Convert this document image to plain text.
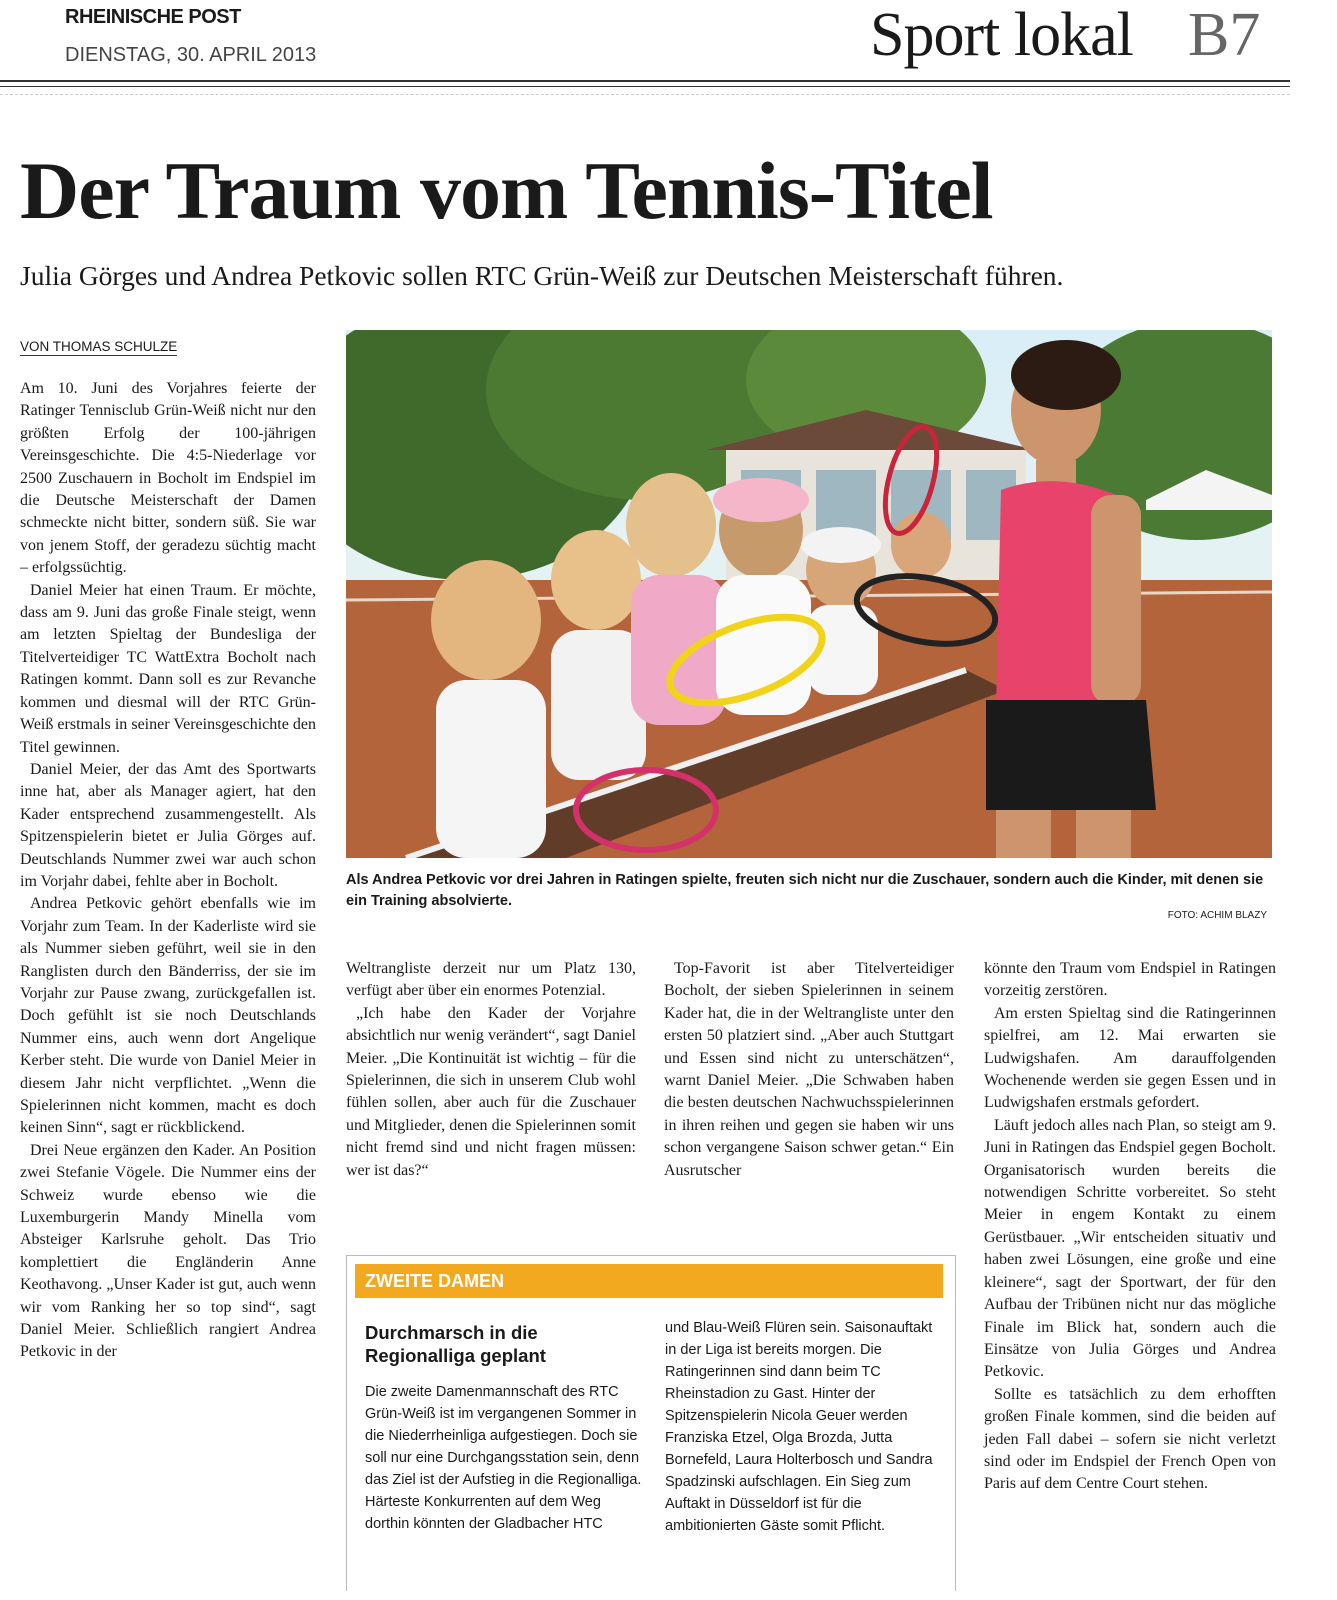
RHEINISCHE POST
DIENSTAG, 30. APRIL 2013	Sport lokal B7
Der Traum vom Tennis-Titel
Julia Görges und Andrea Petkovic sollen RTC Grün-Weiß zur Deutschen Meisterschaft führen.
VON THOMAS SCHULZE

Am 10. Juni des Vorjahres feierte der Ratinger Tennisclub Grün-Weiß nicht nur den größten Erfolg der 100-jährigen Vereinsgeschichte. Die 4:5-Niederlage vor 2500 Zuschauern in Bocholt im Endspiel im die Deutsche Meisterschaft der Damen schmeckte nicht bitter, sondern süß. Sie war von jenem Stoff, der geradezu süchtig macht – erfolgssüchtig.

Daniel Meier hat einen Traum. Er möchte, dass am 9. Juni das große Finale steigt, wenn am letzten Spieltag der Bundesliga der Titelverteidiger TC WattExtra Bocholt nach Ratingen kommt. Dann soll es zur Revanche kommen und diesmal will der RTC Grün-Weiß erstmals in seiner Vereinsgeschichte den Titel gewinnen.

Daniel Meier, der das Amt des Sportwarts inne hat, aber als Manager agiert, hat den Kader entsprechend zusammengestellt. Als Spitzenspielerin bietet er Julia Görges auf. Deutschlands Nummer zwei war auch schon im Vorjahr dabei, fehlte aber in Bocholt.

Andrea Petkovic gehört ebenfalls wie im Vorjahr zum Team. In der Kaderliste wird sie als Nummer sieben geführt, weil sie in den Ranglisten durch den Bänderriss, der sie im Vorjahr zur Pause zwang, zurückgefallen ist. Doch gefühlt ist sie noch Deutschlands Nummer eins, auch wenn dort Angelique Kerber steht. Die wurde von Daniel Meier in diesem Jahr nicht verpflichtet. „Wenn die Spielerinnen nicht kommen, macht es doch keinen Sinn“, sagt er rückblickend.

Drei Neue ergänzen den Kader. An Position zwei Stefanie Vögele. Die Nummer eins der Schweiz wurde ebenso wie die Luxemburgerin Mandy Minella vom Absteiger Karlsruhe geholt. Das Trio komplettiert die Engländerin Anne Keothavong. „Unser Kader ist gut, auch wenn wir vom Ranking her so top sind“, sagt Daniel Meier. Schließlich rangiert Andrea Petkovic in der

Als Andrea Petkovic vor drei Jahren in Ratingen spielte, freuten sich nicht nur die Zuschauer, sondern auch die Kinder, mit denen sie ein Training absolvierte.
FOTO: ACHIM BLAZY

Weltrangliste derzeit nur um Platz 130, verfügt aber über ein enormes Potenzial.

„Ich habe den Kader der Vorjahre absichtlich nur wenig verändert“, sagt Daniel Meier. „Die Kontinuität ist wichtig – für die Spielerinnen, die sich in unserem Club wohl fühlen sollen, aber auch für die Zuschauer und Mitglieder, denen die Spielerinnen somit nicht fremd sind und nicht fragen müssen: wer ist das?“

Top-Favorit ist aber Titelverteidiger Bocholt, der sieben Spielerinnen in seinem Kader hat, die in der Weltrangliste unter den ersten 50 platziert sind. „Aber auch Stuttgart und Essen sind nicht zu unterschätzen“, warnt Daniel Meier. „Die Schwaben haben die besten deutschen Nachwuchsspielerinnen in ihren reihen und gegen sie haben wir uns schon vergangene Saison schwer getan.“ Ein Ausrutscher

könnte den Traum vom Endspiel in Ratingen vorzeitig zerstören.

Am ersten Spieltag sind die Ratingerinnen spielfrei, am 12. Mai erwarten sie Ludwigshafen. Am darauffolgenden Wochenende werden sie gegen Essen und in Ludwigshafen erstmals gefordert.

Läuft jedoch alles nach Plan, so steigt am 9. Juni in Ratingen das Endspiel gegen Bocholt. Organisatorisch wurden bereits die notwendigen Schritte vorbereitet. So steht Meier in engem Kontakt zu einem Gerüstbauer. „Wir entscheiden situativ und haben zwei Lösungen, eine große und eine kleinere“, sagt der Sportwart, der für den Aufbau der Tribünen nicht nur das mögliche Finale im Blick hat, sondern auch die Einsätze von Julia Görges und Andrea Petkovic.

Sollte es tatsächlich zu dem erhofften großen Finale kommen, sind die beiden auf jeden Fall dabei – sofern sie nicht verletzt sind oder im Endspiel der French Open von Paris auf dem Centre Court stehen.

ZWEITE DAMEN
Durchmarsch in die Regionalliga geplant

Die zweite Damenmannschaft des RTC Grün-Weiß ist im vergangenen Sommer in die Niederrheinliga aufgestiegen. Doch sie soll nur eine Durchgangsstation sein, denn das Ziel ist der Aufstieg in die Regionalliga. Härteste Konkurrenten auf dem Weg dorthin könnten der Gladbacher HTC

und Blau-Weiß Flüren sein. Saisonauftakt in der Liga ist bereits morgen. Die Ratingerinnen sind dann beim TC Rheinstadion zu Gast. Hinter der Spitzenspielerin Nicola Geuer werden Franziska Etzel, Olga Brozda, Jutta Bornefeld, Laura Holterbosch und Sandra Spadzinski aufschlagen. Ein Sieg zum Auftakt in Düsseldorf ist für die ambitionierten Gäste somit Pflicht.
